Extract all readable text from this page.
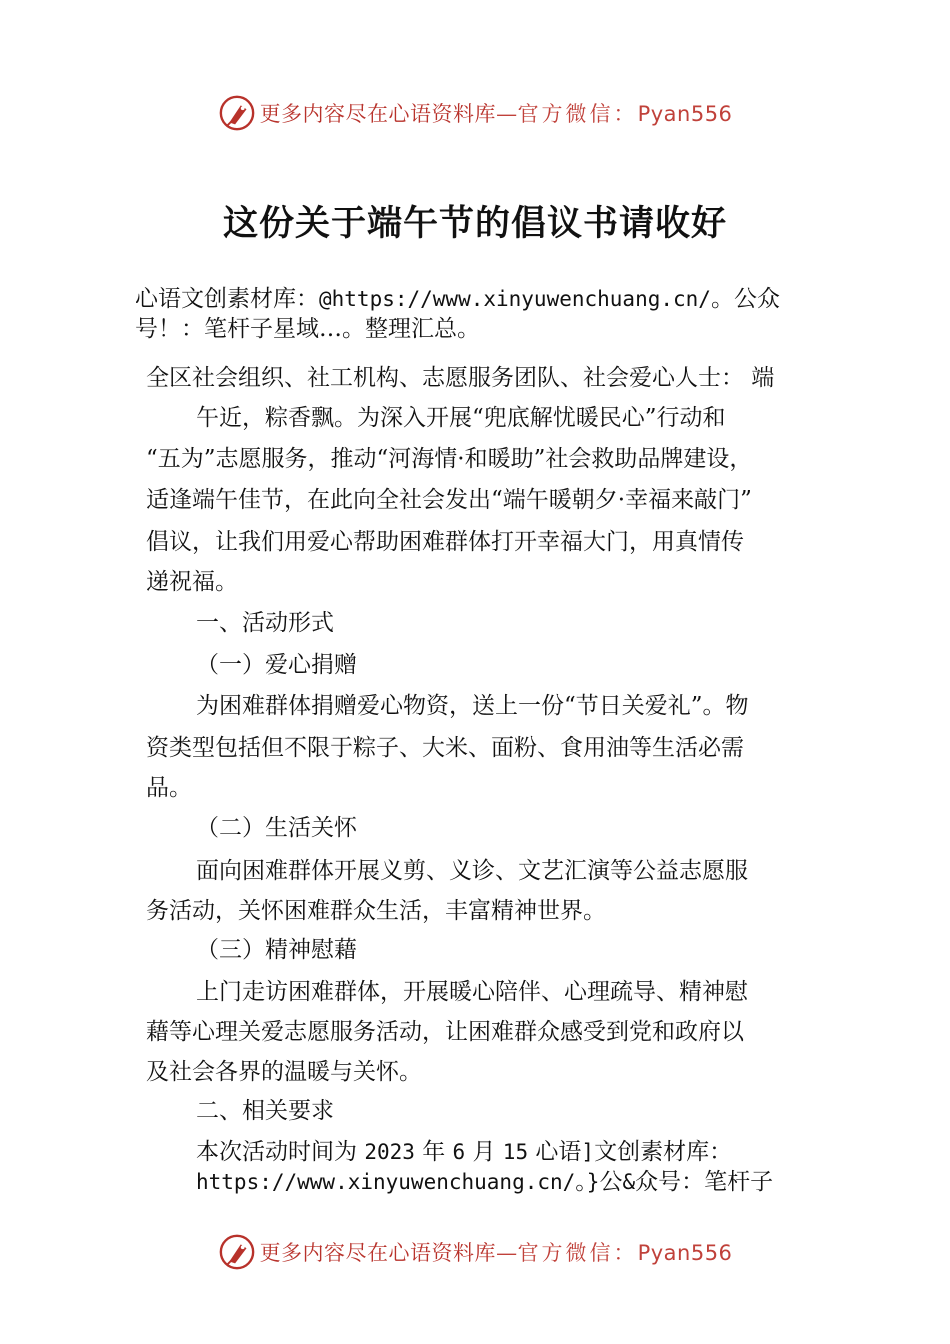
更多内容尽在心语资料库—官方微信：Pyan556
这份关于端午节的倡议书请收好
心语文创素材库：@https://www.xinyuwenchuang.cn/。公众
号！：笔杆子星域…。整理汇总。
全区社会组织、社工机构、志愿服务团队、社会爱心人士： 端
午近，粽香飘。为深入开展“兜底解忧暖民心”行动和
“五为”志愿服务，推动“河海情·和暖助”社会救助品牌建设，
适逢端午佳节，在此向全社会发出“端午暖朝夕·幸福来敲门”
倡议，让我们用爱心帮助困难群体打开幸福大门，用真情传
递祝福。
一、活动形式
（一）爱心捐赠
为困难群体捐赠爱心物资，送上一份“节日关爱礼”。物
资类型包括但不限于粽子、大米、面粉、食用油等生活必需
品。
（二）生活关怀
面向困难群体开展义剪、义诊、文艺汇演等公益志愿服
务活动，关怀困难群众生活，丰富精神世界。
（三）精神慰藉
上门走访困难群体，开展暖心陪伴、心理疏导、精神慰
藉等心理关爱志愿服务活动，让困难群众感受到党和政府以
及社会各界的温暖与关怀。
二、相关要求
本次活动时间为 2023 年 6 月 15 心语]文创素材库：
https://www.xinyuwenchuang.cn/。}公&众号：笔杆子
更多内容尽在心语资料库—官方微信：Pyan556
